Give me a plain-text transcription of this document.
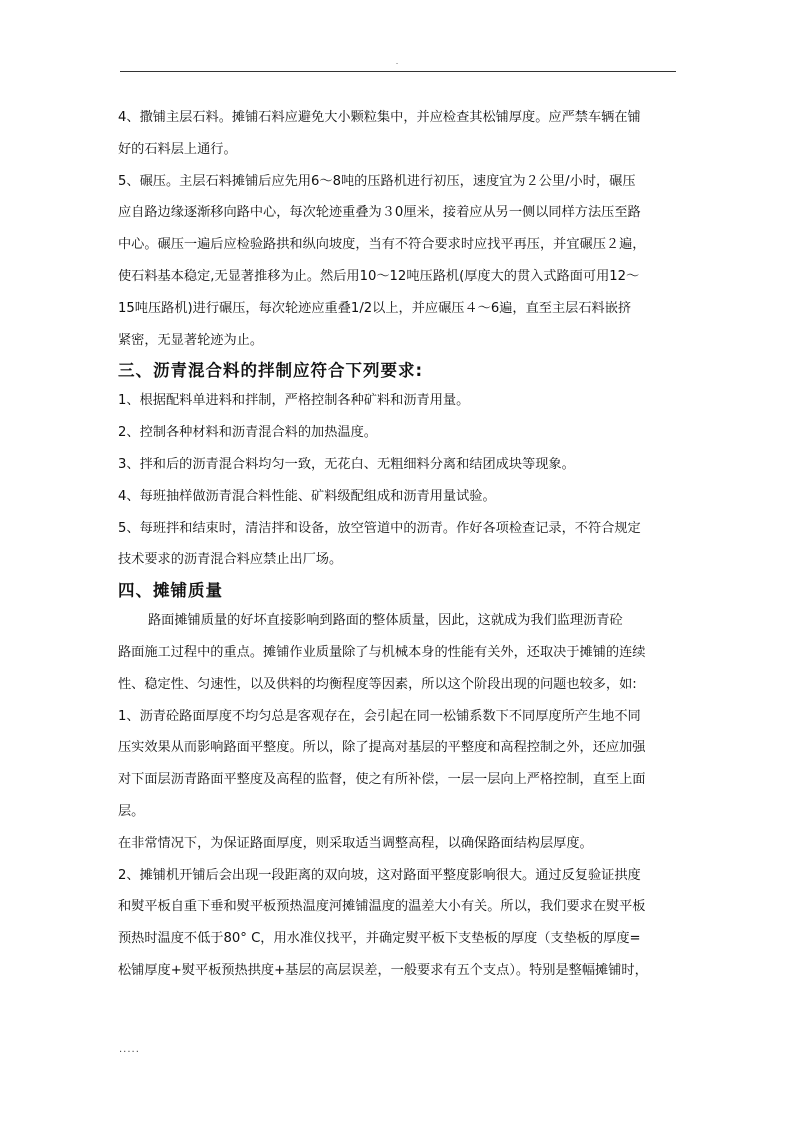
.

4、撒铺主层石料。摊铺石料应避免大小颗粒集中，并应检查其松铺厚度。应严禁车辆在铺

好的石料层上通行。

5、碾压。主层石料摊铺后应先用6～8吨的压路机进行初压，速度宜为２公里/小时，碾压

应自路边缘逐渐移向路中心，每次轮迹重叠为３0厘米，接着应从另一侧以同样方法压至路

中心。碾压一遍后应检验路拱和纵向坡度，当有不符合要求时应找平再压，并宜碾压２遍，

使石料基本稳定,无显著推移为止。然后用10～12吨压路机(厚度大的贯入式路面可用12～

15吨压路机)进行碾压，每次轮迹应重叠1/2以上，并应碾压４～6遍，直至主层石料嵌挤

紧密，无显著轮迹为止。

三、沥青混合料的拌制应符合下列要求:

1、根据配料单进料和拌制，严格控制各种矿料和沥青用量。

2、控制各种材料和沥青混合料的加热温度。

3、拌和后的沥青混合料均匀一致，无花白、无粗细料分离和结团成块等现象。

4、每班抽样做沥青混合料性能、矿料级配组成和沥青用量试验。

5、每班拌和结束时，清洁拌和设备，放空管道中的沥青。作好各项检查记录，不符合规定

技术要求的沥青混合料应禁止出厂场。

四、摊铺质量

路面摊铺质量的好坏直接影响到路面的整体质量，因此，这就成为我们监理沥青砼

路面施工过程中的重点。摊铺作业质量除了与机械本身的性能有关外，还取决于摊铺的连续

性、稳定性、匀速性，以及供料的均衡程度等因素，所以这个阶段出现的问题也较多，如:

1、沥青砼路面厚度不均匀总是客观存在，会引起在同一松铺系数下不同厚度所产生地不同

压实效果从而影响路面平整度。所以，除了提高对基层的平整度和高程控制之外，还应加强

对下面层沥青路面平整度及高程的监督，使之有所补偿，一层一层向上严格控制，直至上面

层。

在非常情况下，为保证路面厚度，则采取适当调整高程，以确保路面结构层厚度。

2、摊铺机开铺后会出现一段距离的双向坡，这对路面平整度影响很大。通过反复验证拱度

和熨平板自重下垂和熨平板预热温度河摊铺温度的温差大小有关。所以，我们要求在熨平板

预热时温度不低于80° C，用水准仪找平，并确定熨平板下支垫板的厚度（支垫板的厚度=

松铺厚度+熨平板预热拱度+基层的高层误差，一般要求有五个支点）。特别是整幅摊铺时，

.....
